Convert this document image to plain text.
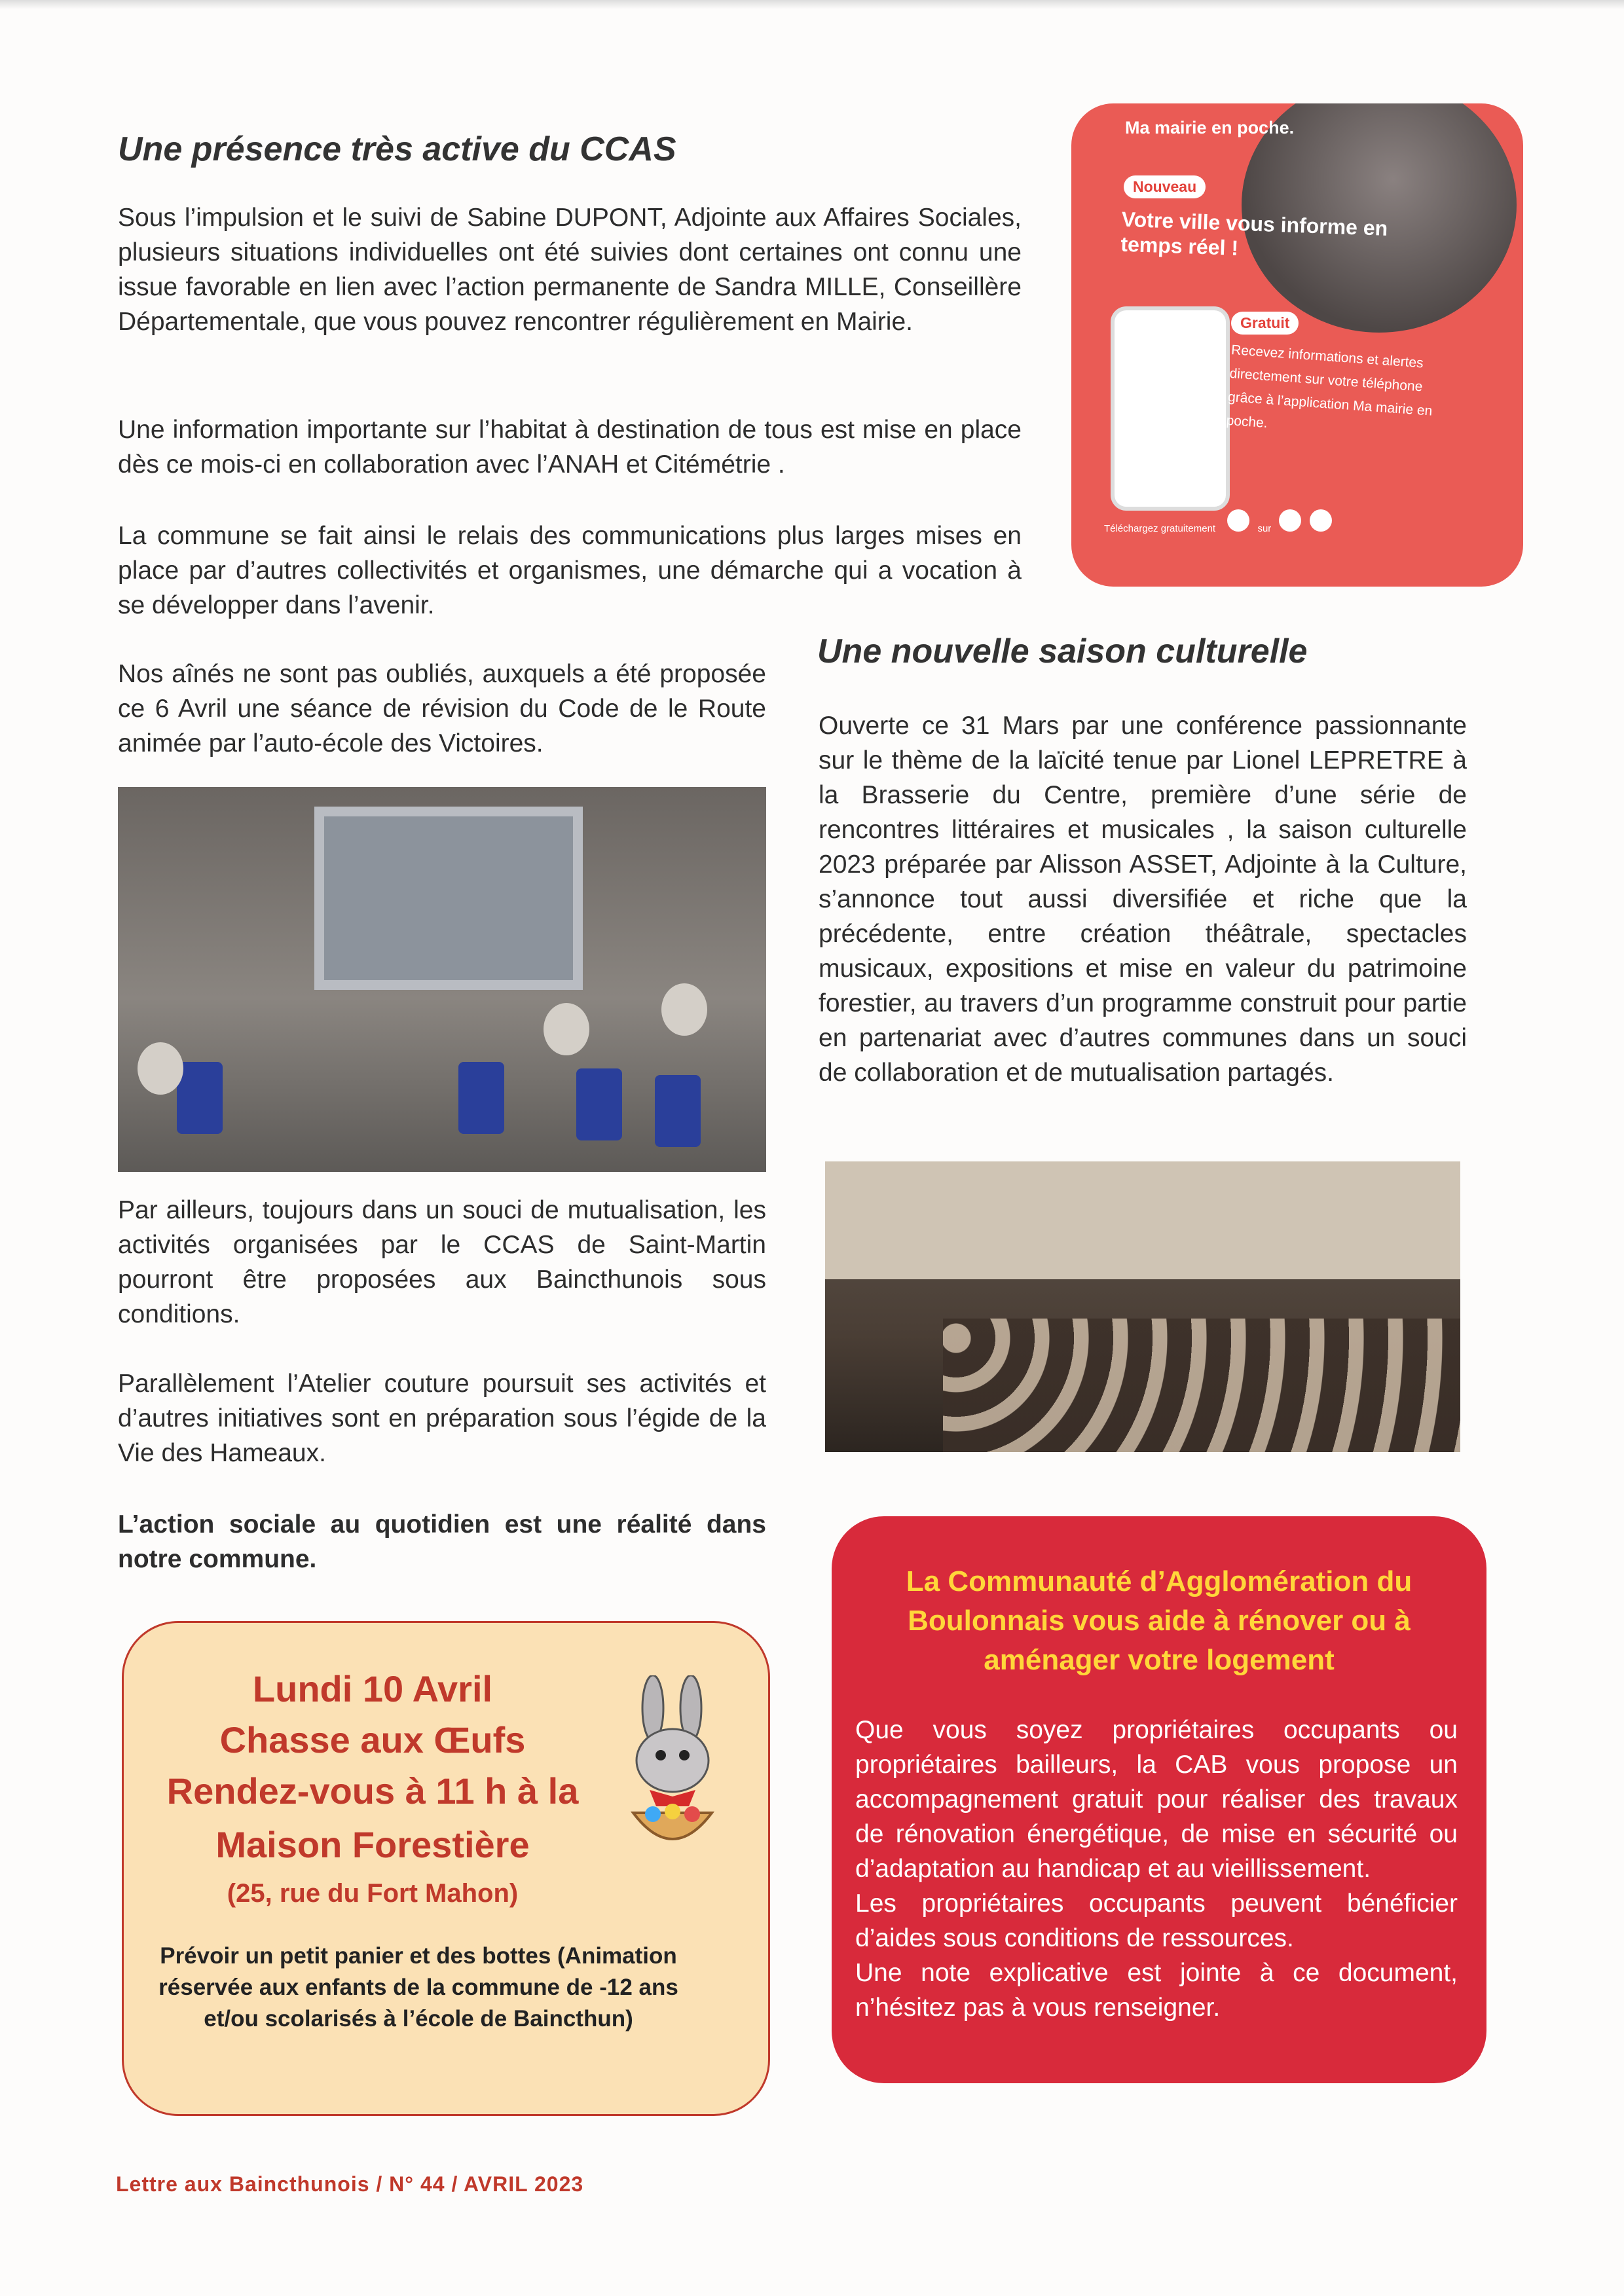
Une présence très active du CCAS

Sous l’impulsion et le suivi de Sabine DUPONT, Adjointe aux Affaires Sociales, plusieurs situations individuelles ont été suivies dont certaines ont connu une issue favorable en lien avec l’action permanente de Sandra MILLE, Conseillère Départementale, que vous pouvez rencontrer régulièrement en Mairie.

Une information importante sur l’habitat à destination de tous est mise en place dès ce mois-ci en collaboration avec l’ANAH et Citémétrie .

La commune se fait ainsi le relais des communications plus larges mises en place par d’autres collectivités et organismes, une démarche qui a vocation à se développer dans l’avenir.

Nos aînés ne sont pas oubliés, auxquels a été proposée ce 6 Avril une séance de révision du Code de le Route animée par l’auto-école des Victoires.

Par ailleurs, toujours dans un souci de mutualisation, les activités organisées par le CCAS de Saint-Martin pourront être proposées aux Baincthunois sous conditions.

Parallèlement l’Atelier couture poursuit ses activités et d’autres initiatives sont en préparation sous l’égide de la Vie des Hameaux.

L’action sociale au quotidien est une réalité dans notre commune.

Ma mairie en poche.
Nouveau
Votre ville vous informe en temps réel !
Gratuit
Recevez informations et alertes directement sur votre téléphone grâce à l’application Ma mairie en poche.
Téléchargez gratuitement	sur
Une nouvelle saison culturelle

Ouverte ce 31 Mars par une conférence passionnante sur le thème de la laïcité tenue par Lionel LEPRETRE à la Brasserie du Centre, première d’une série de rencontres littéraires et musicales , la saison culturelle 2023 préparée par Alisson ASSET, Adjointe à la Culture, s’annonce tout aussi diversifiée et riche que la précédente, entre création théâtrale, spectacles musicaux, expositions et mise en valeur du patrimoine forestier, au travers d’un programme construit pour partie en partenariat avec d’autres communes dans un souci de collaboration et de mutualisation partagés.

Lundi 10 Avril
Chasse aux Œufs
Rendez-vous à 11 h à la
Maison Forestière
(25, rue du Fort Mahon)
Prévoir un petit panier et des bottes (Animation réservée aux enfants de la commune de -12 ans et/ou scolarisés à l’école de Baincthun)
La Communauté d’Agglomération du Boulonnais vous aide à rénover ou à aménager votre logement
Que vous soyez propriétaires occupants ou propriétaires bailleurs, la CAB vous propose un accompagnement gratuit pour réaliser des travaux de rénovation énergétique, de mise en sécurité ou d’adaptation au handicap et au vieillissement.
Les propriétaires occupants peuvent bénéficier d’aides sous conditions de ressources.
Une note explicative est jointe à ce document, n’hésitez pas à vous renseigner.
Lettre aux Baincthunois / N° 44 / AVRIL 2023
